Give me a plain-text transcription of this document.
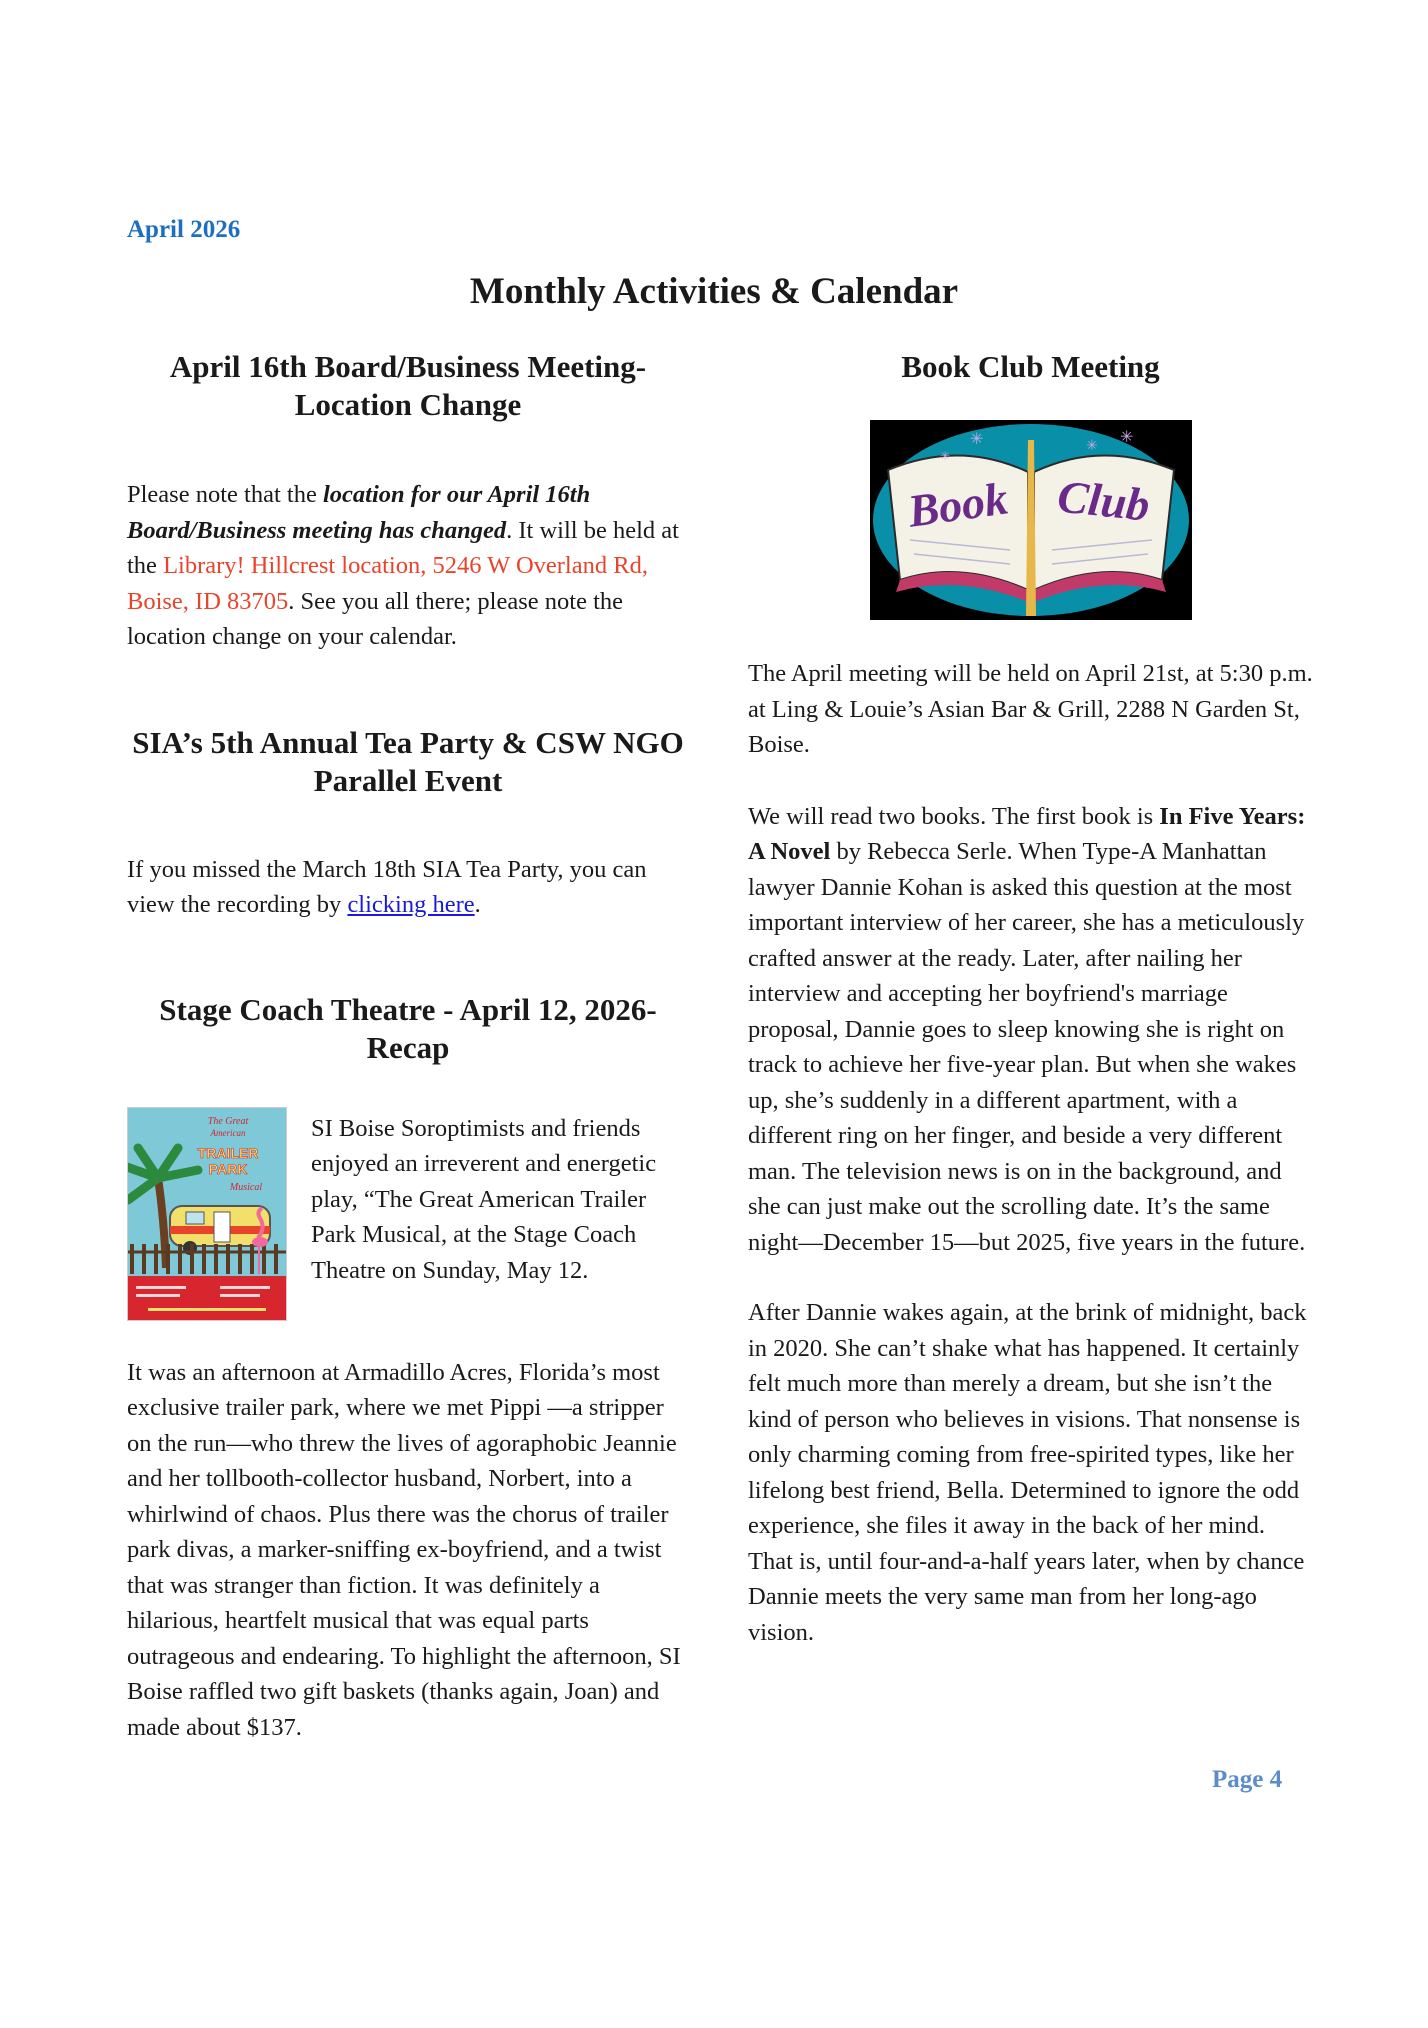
April 2026
Monthly Activities & Calendar
April 16th Board/Business Meeting-Location Change

Please note that the location for our April 16th Board/Business meeting has changed. It will be held at the Library! Hillcrest location, 5246 W Overland Rd, Boise, ID 83705. See you all there; please note the location change on your calendar.

SIA’s 5th Annual Tea Party & CSW NGO Parallel Event

If you missed the March 18th SIA Tea Party, you can view the recording by clicking here.

Stage Coach Theatre - April 12, 2026-Recap
The Great
American
TRAILER
PARK
Musical

SI Boise Soroptimists and friends enjoyed an irreverent and energetic play, “The Great American Trailer Park Musical, at the Stage Coach Theatre on Sunday, May 12.

It was an afternoon at Armadillo Acres, Florida’s most exclusive trailer park, where we met Pippi —a stripper on the run—who threw the lives of agoraphobic Jeannie and her tollbooth-collector husband, Norbert, into a whirlwind of chaos. Plus there was the chorus of trailer park divas, a marker-sniffing ex-boyfriend, and a twist that was stranger than fiction. It was definitely a hilarious, heartfelt musical that was equal parts outrageous and endearing. To highlight the afternoon, SI Boise raffled two gift baskets (thanks again, Joan) and made about $137.

Book Club Meeting
✳
✳
✳ ✳
Book Club

The April meeting will be held on April 21st, at 5:30 p.m. at Ling & Louie’s Asian Bar & Grill, 2288 N Garden St, Boise.

We will read two books. The first book is In Five Years: A Novel by Rebecca Serle. When Type-A Manhattan lawyer Dannie Kohan is asked this question at the most important interview of her career, she has a meticulously crafted answer at the ready. Later, after nailing her interview and accepting her boyfriend's marriage proposal, Dannie goes to sleep knowing she is right on track to achieve her five-year plan. But when she wakes up, she’s suddenly in a different apartment, with a different ring on her finger, and beside a very different man. The television news is on in the background, and she can just make out the scrolling date. It’s the same night—December 15—but 2025, five years in the future.

After Dannie wakes again, at the brink of midnight, back in 2020. She can’t shake what has happened. It certainly felt much more than merely a dream, but she isn’t the kind of person who believes in visions. That nonsense is only charming coming from free-spirited types, like her lifelong best friend, Bella. Determined to ignore the odd experience, she files it away in the back of her mind. That is, until four-and-a-half years later, when by chance Dannie meets the very same man from her long-ago vision.

Page 4
